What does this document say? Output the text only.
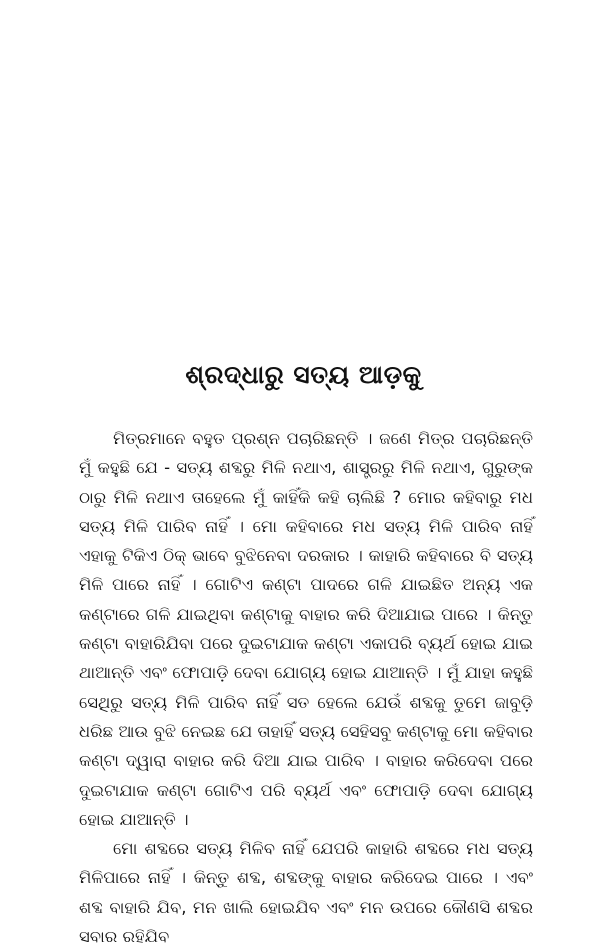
ଶ୍ରଦ୍ଧାରୁ ସତ୍ୟ ଆଡ଼କୁ

ମିତ୍ରମାନେ ବହୁତ ପ୍ରଶ୍ନ ପଚାରିଛନ୍ତି । ଜଣେ ମିତ୍ର ପଚାରିଛନ୍ତି ମୁଁ କହୁଛି ଯେ - ସତ୍ୟ ଶବ୍ଦରୁ ମିଳି ନଥାଏ, ଶାସ୍ତ୍ରରୁ ମିଳି ନଥାଏ, ଗୁରୁଙ୍କ ଠାରୁ ମିଳି ନଥାଏ ତାହେଲେ ମୁଁ କାହିଁକି କହି ଚାଲିଛି ? ମୋର କହିବାରୁ ମଧ ସତ୍ୟ ମିଳି ପାରିବ ନାହିଁ । ମୋ କହିବାରେ ମଧ ସତ୍ୟ ମିଳି ପାରିବ ନାହିଁ ଏହାକୁ ଟିକିଏ ଠିକ୍ ଭାବେ ବୁଝିନେବା ଦରକାର । କାହାରି କହିବାରେ ବି ସତ୍ୟ ମିଳି ପାରେ ନାହିଁ । ଗୋଟିଏ କଣ୍ଟା ପାଦରେ ଗଳି ଯାଇଛିତ ଅନ୍ୟ ଏକ କଣ୍ଟାରେ ଗଳି ଯାଇଥିବା କଣ୍ଟାକୁ ବାହାର କରି ଦିଆଯାଇ ପାରେ । କିନ୍ତୁ କଣ୍ଟା ବାହାରିଯିବା ପରେ ଦୁଇଟାଯାକ କଣ୍ଟା ଏକାପରି ବ୍ୟର୍ଥ ହୋଇ ଯାଇ ଥାଆନ୍ତି ଏବଂ ଫୋପାଡ଼ି ଦେବା ଯୋଗ୍ୟ ହୋଇ ଯାଆନ୍ତି । ମୁଁ ଯାହା କହୁଛି ସେଥିରୁ ସତ୍ୟ ମିଳି ପାରିବ ନାହିଁ ସତ ହେଲେ ଯେଉଁ ଶବ୍ଦକୁ ତୁମେ ଜାବୁଡ଼ି ଧରିଛ ଆଉ ବୁଝି ନେଇଛ ଯେ ତାହାହିଁ ସତ୍ୟ ସେହିସବୁ କଣ୍ଟାକୁ ମୋ କହିବାର କଣ୍ଟା ଦ୍ୱାରା ବାହାର କରି ଦିଆ ଯାଇ ପାରିବ । ବାହାର କରିଦେବା ପରେ ଦୁଇଟାଯାକ କଣ୍ଟା ଗୋଟିଏ ପରି ବ୍ୟର୍ଥ ଏବଂ ଫୋପାଡ଼ି ଦେବା ଯୋଗ୍ୟ ହୋଇ ଯାଆନ୍ତି ।

ମୋ ଶବ୍ଦରେ ସତ୍ୟ ମିଳିବ ନାହିଁ ଯେପରି କାହାରି ଶବ୍ଦରେ ମଧ ସତ୍ୟ ମିଳିପାରେ ନାହିଁ । କିନ୍ତୁ ଶବ୍ଦ, ଶବ୍ଦଙ୍କୁ ବାହାର କରିଦେଇ ପାରେ । ଏବଂ ଶବ୍ଦ ବାହାରି ଯିବ, ମନ ଖାଲି ହୋଇଯିବ ଏବଂ ମନ ଉପରେ କୌଣସି ଶବ୍ଦର ସବାର ରହିଯିବ
